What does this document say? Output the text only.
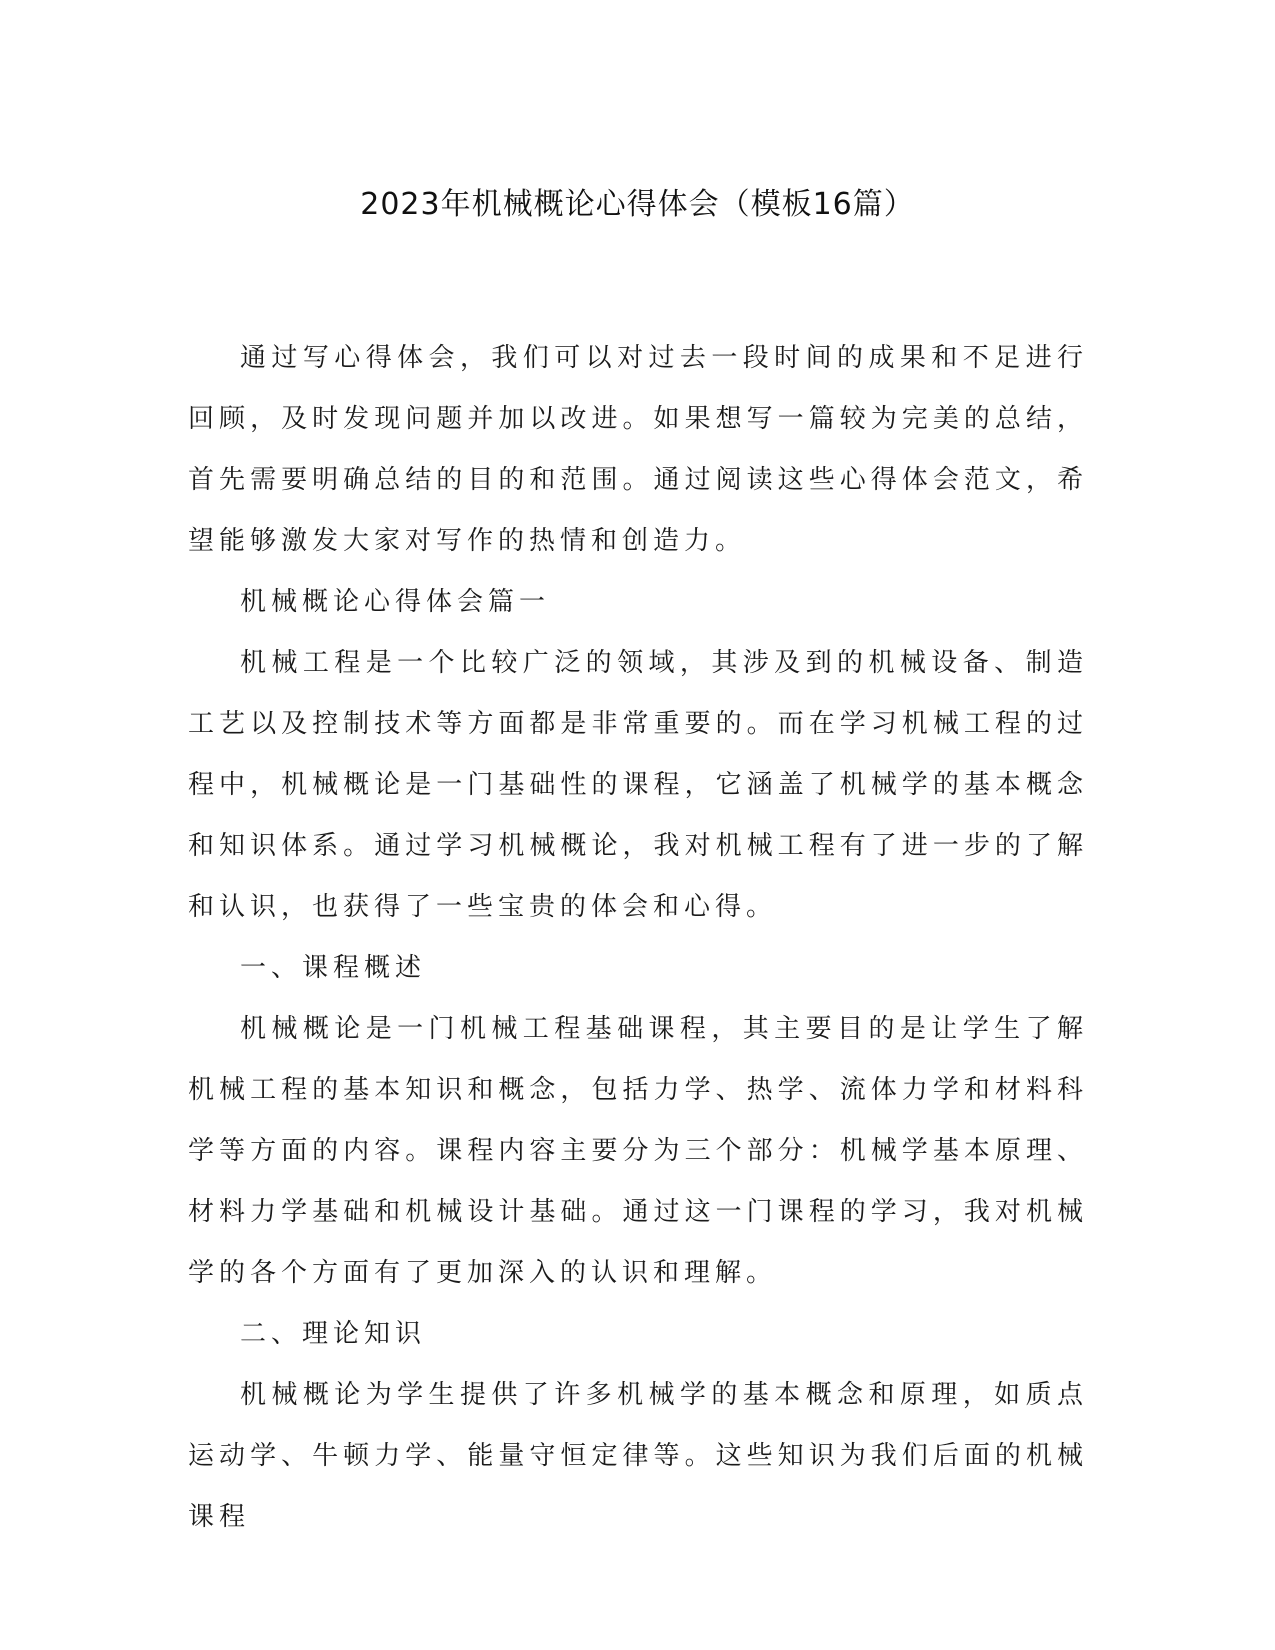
2023年机械概论心得体会（模板16篇）

通过写心得体会，我们可以对过去一段时间的成果和不足进行回顾，及时发现问题并加以改进。如果想写一篇较为完美的总结，首先需要明确总结的目的和范围。通过阅读这些心得体会范文，希望能够激发大家对写作的热情和创造力。

机械概论心得体会篇一

机械工程是一个比较广泛的领域，其涉及到的机械设备、制造工艺以及控制技术等方面都是非常重要的。而在学习机械工程的过程中，机械概论是一门基础性的课程，它涵盖了机械学的基本概念和知识体系。通过学习机械概论，我对机械工程有了进一步的了解和认识，也获得了一些宝贵的体会和心得。

一、课程概述

机械概论是一门机械工程基础课程，其主要目的是让学生了解机械工程的基本知识和概念，包括力学、热学、流体力学和材料科学等方面的内容。课程内容主要分为三个部分：机械学基本原理、材料力学基础和机械设计基础。通过这一门课程的学习，我对机械学的各个方面有了更加深入的认识和理解。

二、理论知识

机械概论为学生提供了许多机械学的基本概念和原理，如质点运动学、牛顿力学、能量守恒定律等。这些知识为我们后面的机械课程
